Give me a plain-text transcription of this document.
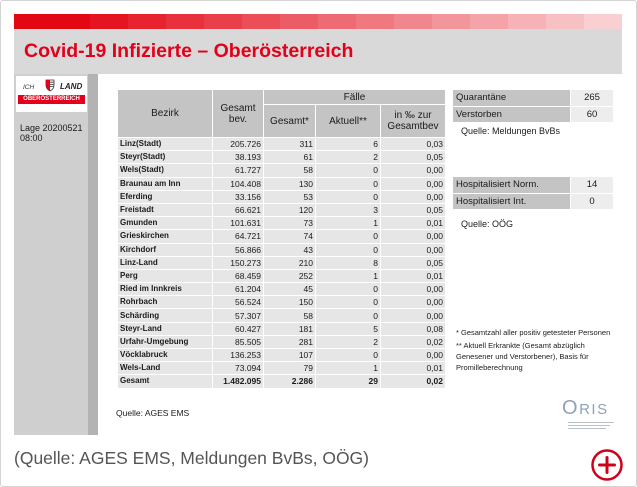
Covid-19 Infizierte – Oberösterreich
ICH	LAND
OBERÖSTERREICH
Lage 20200521
08:00
Bezirk	Gesamt bev.
Fälle
Gesamt*	Aktuell**	in ‰ zur Gesamtbev
Linz(Stadt)	205.726	311	6	0,03
Steyr(Stadt)	38.193	61	2	0,05
Wels(Stadt)	61.727	58	0	0,00
Braunau am Inn	104.408	130	0	0,00
Eferding	33.156	53	0	0,00
Freistadt	66.621	120	3	0,05
Gmunden	101.631	73	1	0,01
Grieskirchen	64.721	74	0	0,00
Kirchdorf	56.866	43	0	0,00
Linz-Land	150.273	210	8	0,05
Perg	68.459	252	1	0,01
Ried im Innkreis	61.204	45	0	0,00
Rohrbach	56.524	150	0	0,00
Schärding	57.307	58	0	0,00
Steyr-Land	60.427	181	5	0,08
Urfahr-Umgebung	85.505	281	2	0,02
Vöcklabruck	136.253	107	0	0,00
Wels-Land	73.094	79	1	0,01
Gesamt	1.482.095	2.286	29	0,02
Quelle: AGES EMS
Quarantäne	265
Verstorben	60
Quelle: Meldungen BvBs
Hospitalisiert Norm.	14
Hospitalisiert Int.	0
Quelle: OÖG
* Gesamtzahl aller positiv getesteter Personen
** Aktuell Erkrankte (Gesamt abzüglich Genesener und Verstorbener), Basis für Promilleberechnung
ORIS
(Quelle: AGES EMS, Meldungen BvBs, OÖG)
